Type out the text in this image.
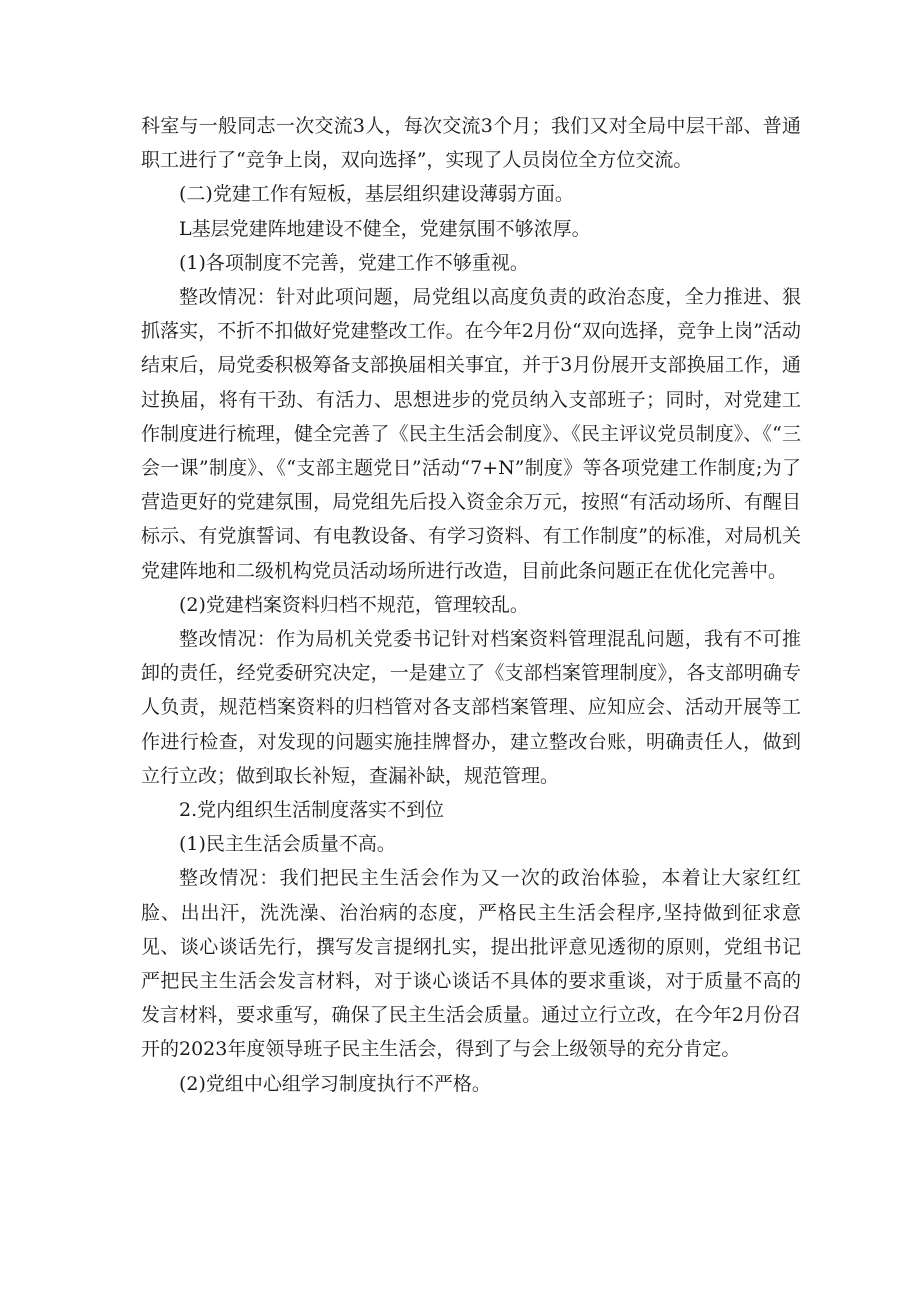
科室与一般同志一次交流3人，每次交流3个月；我们又对全局中层干部、普通职工进行了“竞争上岗，双向选择”，实现了人员岗位全方位交流。

(二)党建工作有短板，基层组织建设薄弱方面。

L基层党建阵地建设不健全，党建氛围不够浓厚。

(1)各项制度不完善，党建工作不够重视。

整改情况：针对此项问题，局党组以高度负责的政治态度，全力推进、狠抓落实，不折不扣做好党建整改工作。在今年2月份“双向选择，竞争上岗”活动结束后，局党委积极筹备支部换届相关事宜，并于3月份展开支部换届工作，通过换届，将有干劲、有活力、思想进步的党员纳入支部班子；同时，对党建工作制度进行梳理，健全完善了《民主生活会制度》、《民主评议党员制度》、《“三会一课”制度》、《“支部主题党日”活动“7+N”制度》等各项党建工作制度;为了营造更好的党建氛围，局党组先后投入资金余万元，按照“有活动场所、有醒目标示、有党旗誓词、有电教设备、有学习资料、有工作制度”的标准，对局机关党建阵地和二级机构党员活动场所进行改造，目前此条问题正在优化完善中。

(2)党建档案资料归档不规范，管理较乱。

整改情况：作为局机关党委书记针对档案资料管理混乱问题，我有不可推卸的责任，经党委研究决定，一是建立了《支部档案管理制度》，各支部明确专人负责，规范档案资料的归档管对各支部档案管理、应知应会、活动开展等工作进行检查，对发现的问题实施挂牌督办，建立整改台账，明确责任人，做到立行立改；做到取长补短，查漏补缺，规范管理。

2.党内组织生活制度落实不到位

(1)民主生活会质量不高。

整改情况：我们把民主生活会作为又一次的政治体验，本着让大家红红脸、出出汗，洗洗澡、治治病的态度，严格民主生活会程序,坚持做到征求意见、谈心谈话先行，撰写发言提纲扎实，提出批评意见透彻的原则，党组书记严把民主生活会发言材料，对于谈心谈话不具体的要求重谈，对于质量不高的发言材料，要求重写，确保了民主生活会质量。通过立行立改，在今年2月份召开的2023年度领导班子民主生活会，得到了与会上级领导的充分肯定。

(2)党组中心组学习制度执行不严格。
